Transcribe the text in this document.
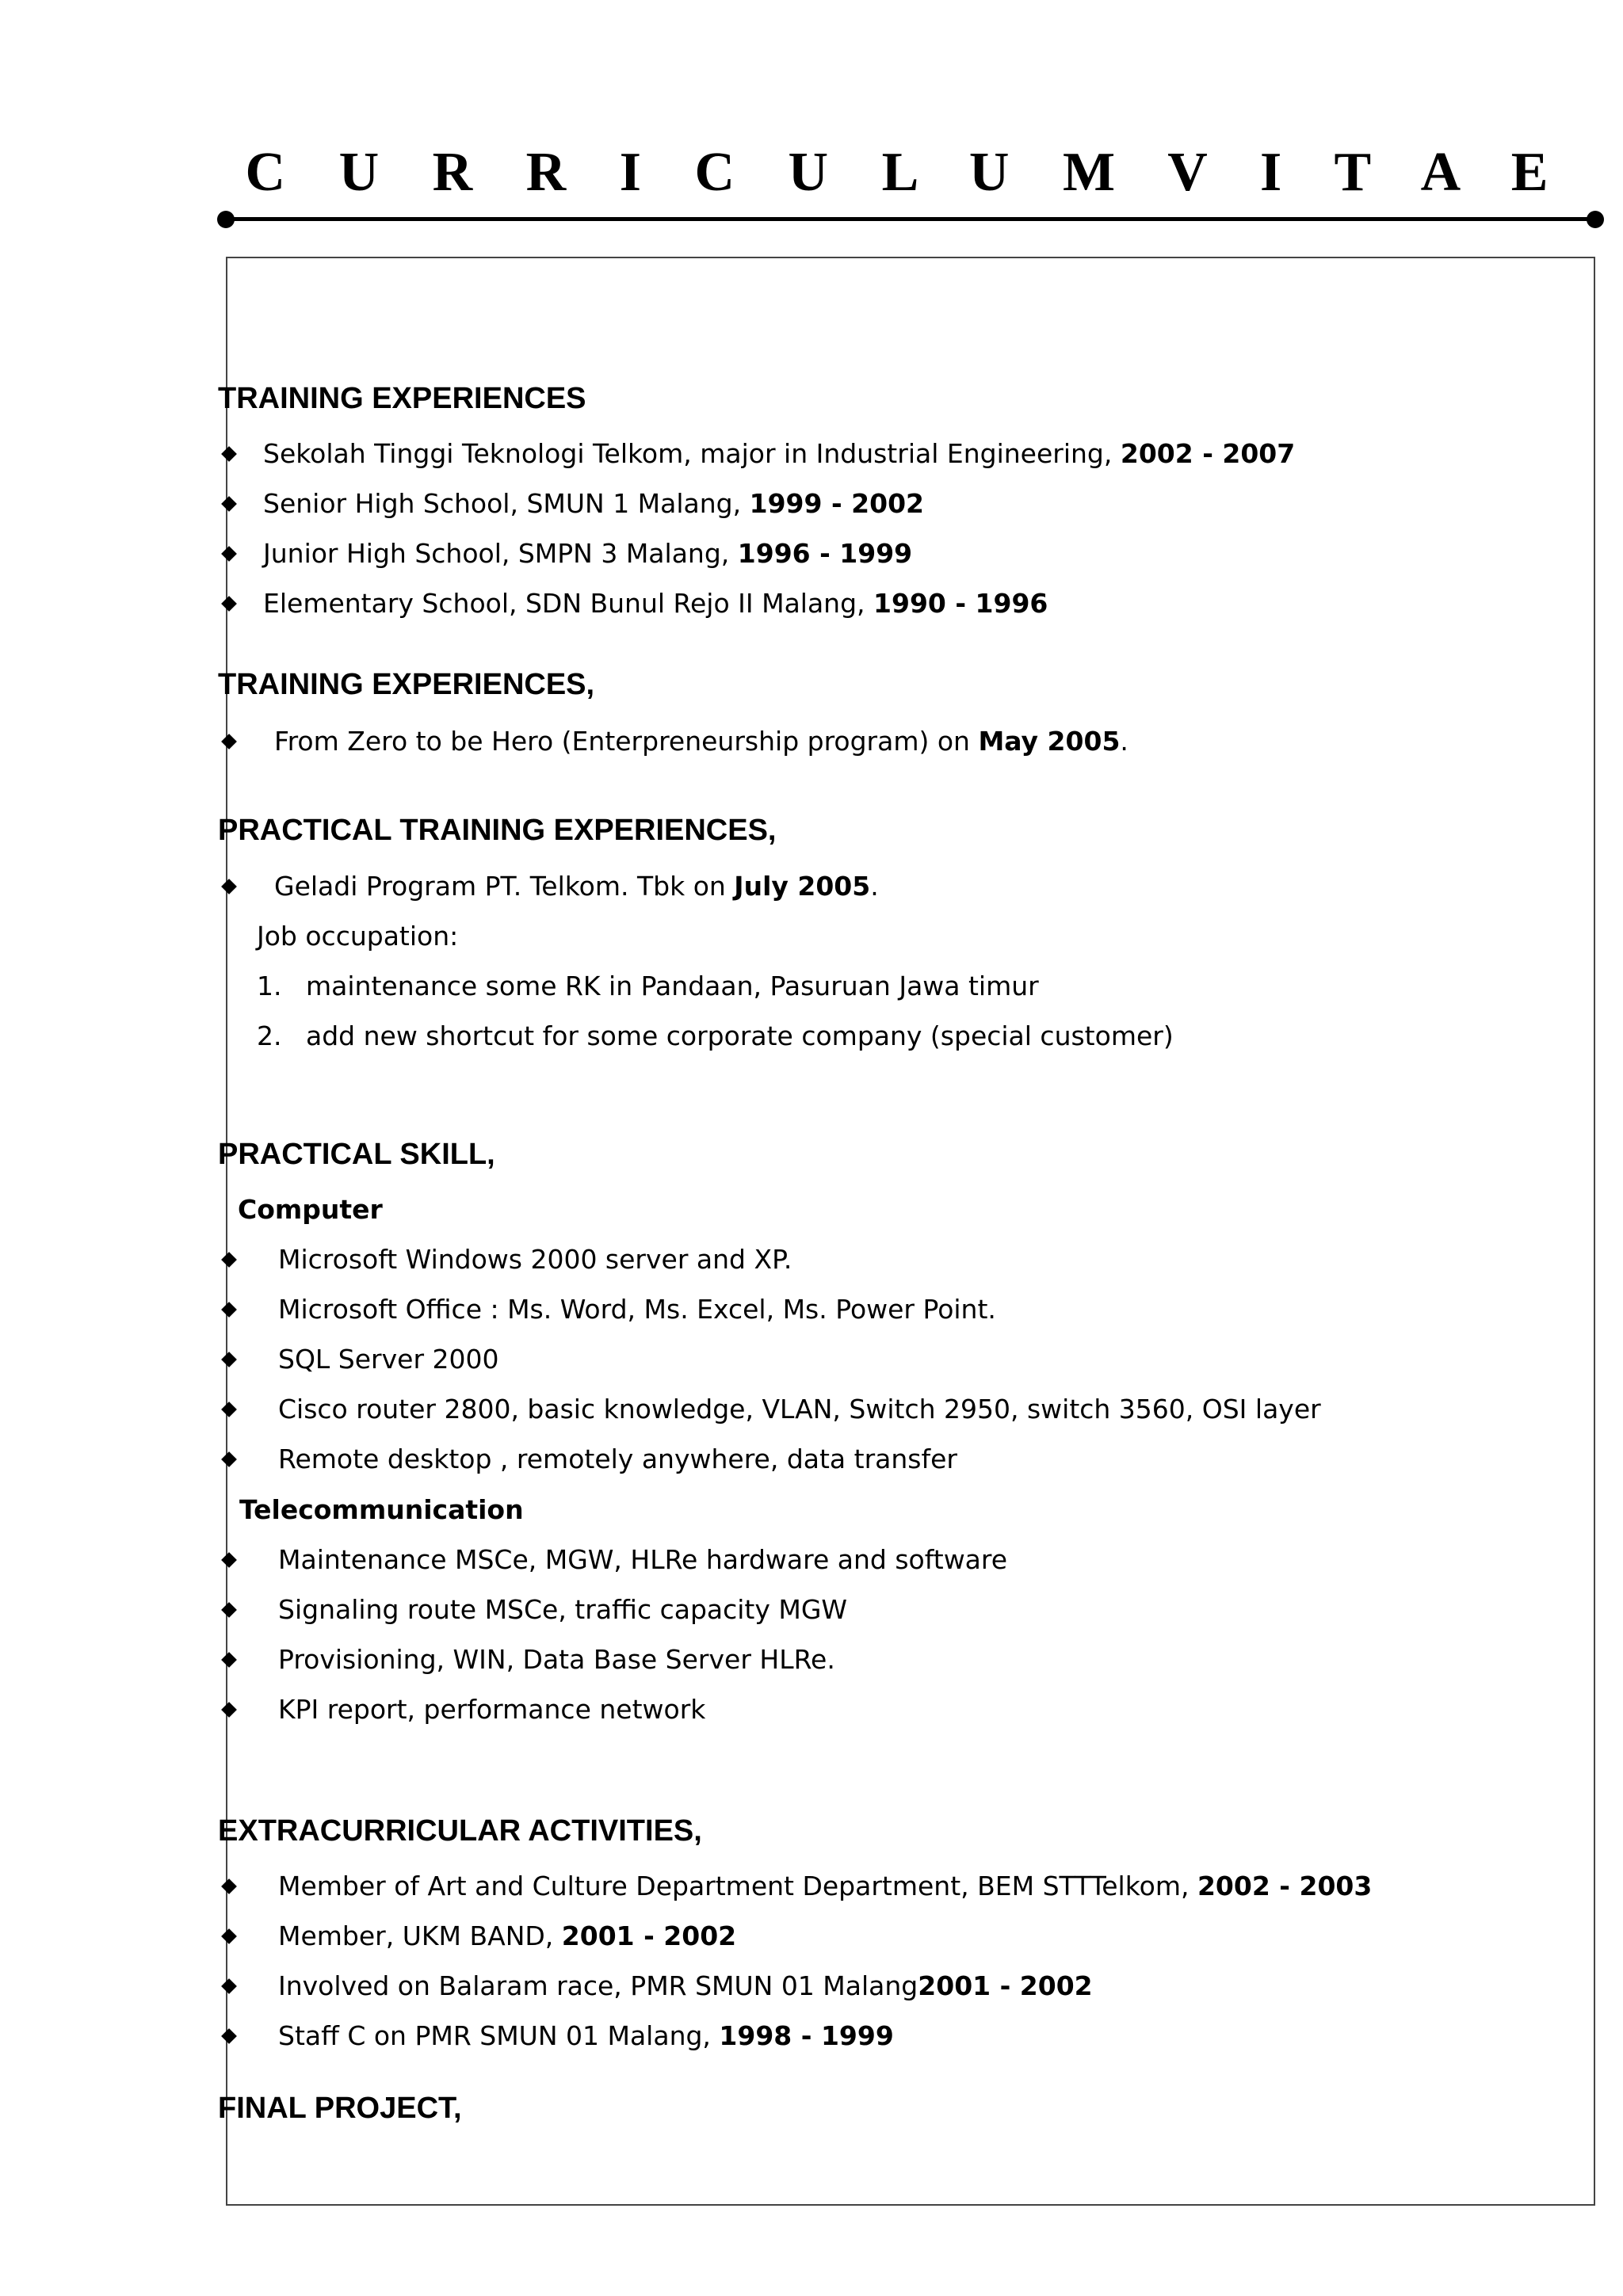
C U R R I C U L U M V I T A E
TRAINING EXPERIENCES
Sekolah Tinggi Teknologi Telkom, major in Industrial Engineering, 2002 - 2007
Senior High School, SMUN 1 Malang, 1999 - 2002
Junior High School, SMPN 3 Malang, 1996 - 1999
Elementary School, SDN Bunul Rejo II Malang, 1990 - 1996
TRAINING EXPERIENCES,
From Zero to be Hero (Enterpreneurship program) on May 2005.
PRACTICAL TRAINING EXPERIENCES,
Geladi Program PT. Telkom. Tbk on July 2005.
Job occupation:
1. maintenance some RK in Pandaan, Pasuruan Jawa timur
2. add new shortcut for some corporate company (special customer)
PRACTICAL SKILL,
Computer
Microsoft Windows 2000 server and XP.
Microsoft Office : Ms. Word, Ms. Excel, Ms. Power Point.
SQL Server 2000
Cisco router 2800, basic knowledge, VLAN, Switch 2950, switch 3560, OSI layer
Remote desktop , remotely anywhere, data transfer
Telecommunication
Maintenance MSCe, MGW, HLRe hardware and software
Signaling route MSCe, traffic capacity MGW
Provisioning, WIN, Data Base Server HLRe.
KPI report, performance network
EXTRACURRICULAR ACTIVITIES,
Member of Art and Culture Department Department, BEM STTTelkom, 2002 - 2003
Member, UKM BAND, 2001 - 2002
Involved on Balaram race, PMR SMUN 01 Malang2001 - 2002
Staff C on PMR SMUN 01 Malang, 1998 - 1999
FINAL PROJECT,
